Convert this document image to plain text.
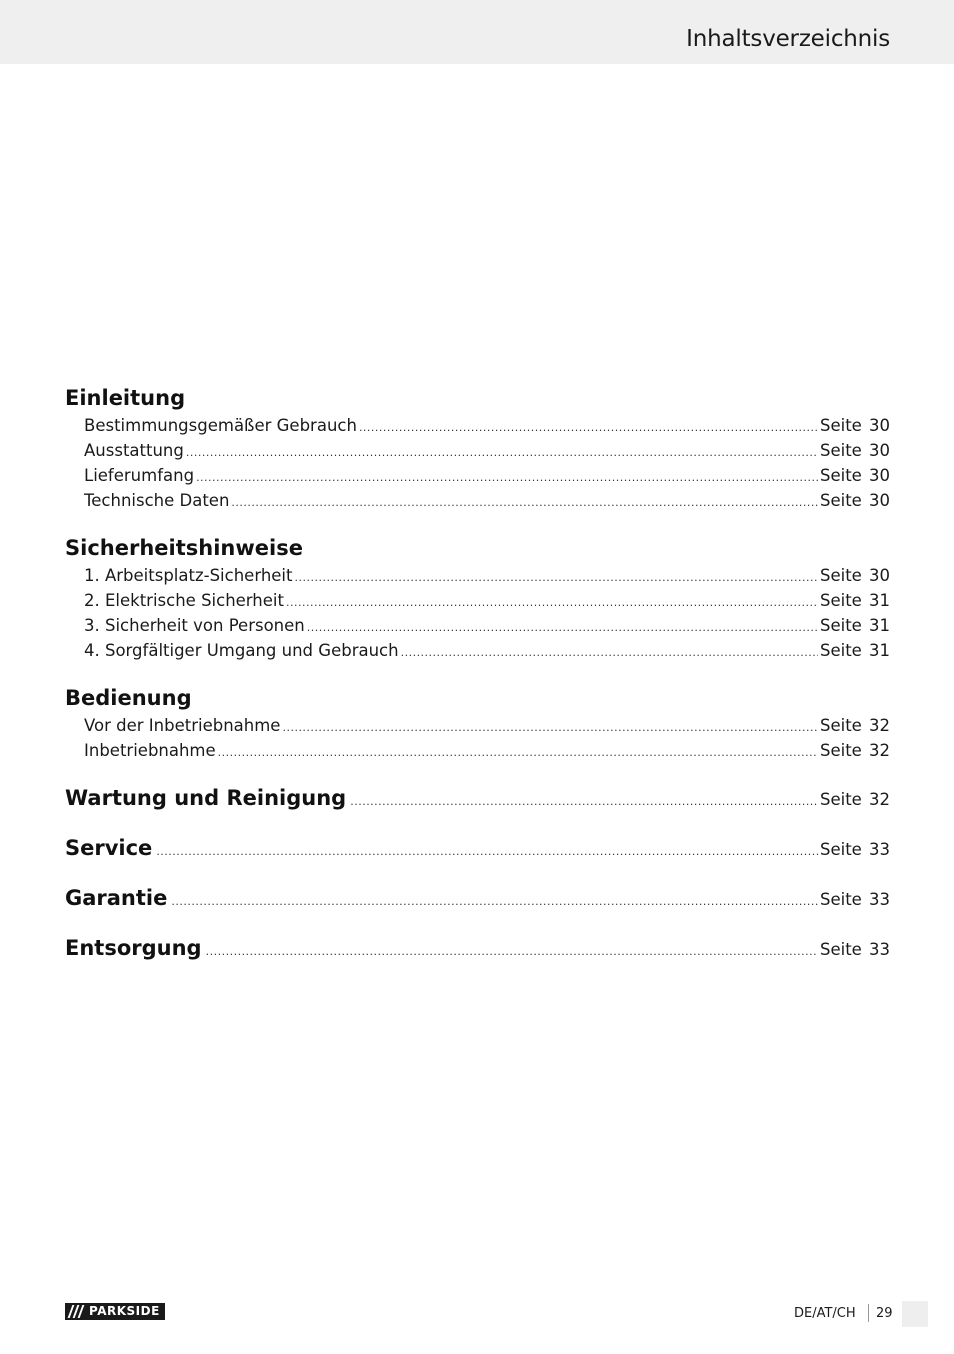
Inhaltsverzeichnis
Einleitung
Bestimmungsgemäßer Gebrauch .....	Seite 30
Ausstattung .....	Seite 30
Lieferumfang .....	Seite 30
Technische Daten .....	Seite 30
Sicherheitshinweise
1. Arbeitsplatz-Sicherheit .....	Seite 30
2. Elektrische Sicherheit .....	Seite 31
3. Sicherheit von Personen .....	Seite 31
4. Sorgfältiger Umgang und Gebrauch .....	Seite 31
Bedienung
Vor der Inbetriebnahme .....	Seite 32
Inbetriebnahme .....	Seite 32
Wartung und Reinigung .....	Seite 32
Service .....	Seite 33
Garantie .....	Seite 33
Entsorgung .....	Seite 33
PARKSIDE	DE/AT/CH 29
